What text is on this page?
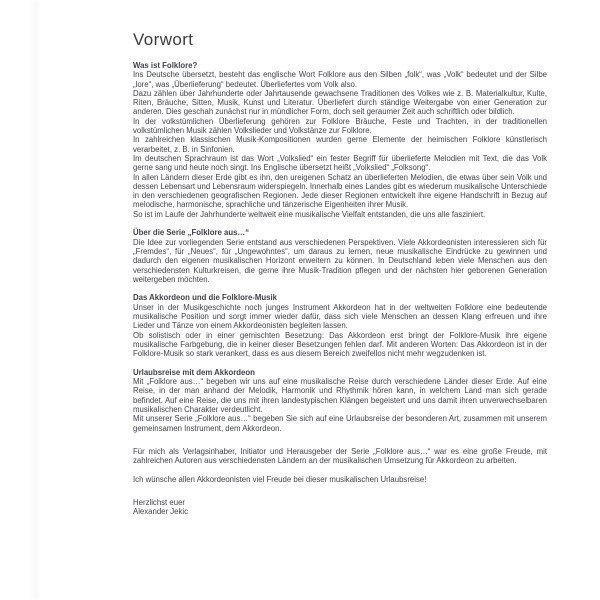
Vorwort
Was ist Folklore?

Ins Deutsche übersetzt, besteht das englische Wort Folklore aus den Silben „folk“, was „Volk“ bedeutet und der Silbe „lore“, was „Überlieferung“ bedeutet. Überliefertes vom Volk also.

Dazu zählen über Jahrhunderte oder Jahrtausende gewachsene Traditionen des Volkes wie z. B. Materialkultur, Kulte, Riten, Bräuche, Sitten, Musik, Kunst und Literatur. Überliefert durch ständige Weitergabe von einer Generation zur anderen. Dies geschah zunächst nur in mündlicher Form, doch seit geraumer Zeit auch schriftlich oder bildlich.

In der volkstümlichen Überlieferung gehören zur Folklore Bräuche, Feste und Trachten, in der traditionellen volkstümlichen Musik zählen Volkslieder und Volkstänze zur Folklore.

In zahlreichen klassischen Musik-Kompositionen wurden gerne Elemente der heimischen Folklore künstlerisch verarbeitet, z. B. in Sinfonien.

Im deutschen Sprachraum ist das Wort „Volkslied“ ein fester Begriff für überlieferte Melodien mit Text, die das Volk gerne sang und heute noch singt. Ins Englische übersetzt heißt „Volkslied“ „Folksong“.

In allen Ländern dieser Erde gibt es ihn, den ureigenen Schatz an überlieferten Melodien, die etwas über sein Volk und dessen Lebensart und Lebensraum widerspiegeln. Innerhalb eines Landes gibt es wiederum musikalische Unterschiede in den verschiedenen geografischen Regionen. Jede dieser Regionen entwickelt ihre eigene Handschrift in Bezug auf melodische, harmonische, sprachliche und tänzerische Eigenheiten ihrer Musik.

So ist im Laufe der Jahrhunderte weltweit eine musikalische Vielfalt entstanden, die uns alle fasziniert.

Über die Serie „Folklore aus…“

Die Idee zur vorliegenden Serie entstand aus verschiedenen Perspektiven. Viele Akkordeonisten interessieren sich für „Fremdes“, für „Neues“, für „Ungewohntes“, um daraus zu lernen, neue musikalische Eindrücke zu gewinnen und dadurch den eigenen musikalischen Horizont erweitern zu können. In Deutschland leben viele Menschen aus den verschiedensten Kulturkreisen, die gerne ihre Musik-Tradition pflegen und der nächsten hier geborenen Generation weitergeben möchten.

Das Akkordeon und die Folklore-Musik

Unser in der Musikgeschichte noch junges Instrument Akkordeon hat in der weltweiten Folklore eine bedeutende musikalische Position und sorgt immer wieder dafür, dass sich viele Menschen an dessen Klang erfreuen und ihre Lieder und Tänze von einem Akkordeonisten begleiten lassen.

Ob solistisch oder in einer gemischten Besetzung: Das Akkordeon erst bringt der Folklore-Musik ihre eigene musikalische Farbgebung, die in keiner dieser Besetzungen fehlen darf. Mit anderen Worten: Das Akkordeon ist in der Folklore-Musik so stark verankert, dass es aus diesem Bereich zweifellos nicht mehr wegzudenken ist.

Urlaubsreise mit dem Akkordeon

Mit „Folklore aus…“ begeben wir uns auf eine musikalische Reise durch verschiedene Länder dieser Erde. Auf eine Reise, in der man anhand der Melodik, Harmonik und Rhythmik hören kann, in welchem Land man sich gerade befindet. Auf eine Reise, die uns mit ihren landestypischen Klängen begeistert und uns damit ihren unverwechselbaren musikalischen Charakter verdeutlicht.

Mit unserer Serie „Folklore aus…“ begeben Sie sich auf eine Urlaubsreise der besonderen Art, zusammen mit unserem gemeinsamen Instrument, dem Akkordeon.

Für mich als Verlagsinhaber, Initiator und Herausgeber der Serie „Folklore aus…“ war es eine große Freude, mit zahlreichen Autoren aus verschiedensten Ländern an der musikalischen Umsetzung für Akkordeon zu arbeiten.

Ich wünsche allen Akkordeonisten viel Freude bei dieser musikalischen Urlaubsreise!

Herzlichst euer
Alexander Jekic
